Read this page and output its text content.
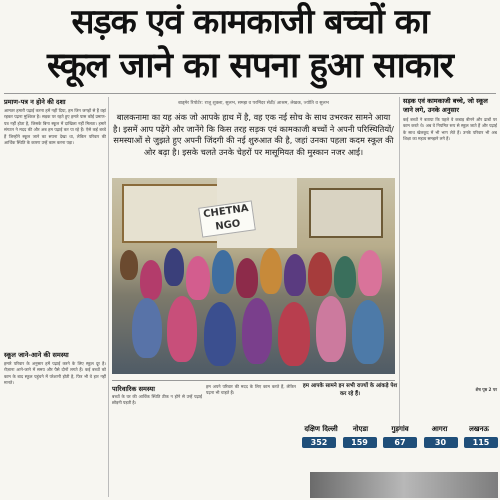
सड़क एवं कामकाजी बच्चों का
स्कूल जाने का सपना हुआ साकार
प्रमाण-पत्र न होने की दशा
आमतर हमारी पढ़ाई करना हमें नहीं दिया, हम जिन जगहों से हैं वहां रहकर पढ़ना मुश्किल है। सड़क पर रहते हुए हमारे पास कोई प्रमाण-पत्र नहीं होता है, जिसके बिना स्कूल में दाखिला नहीं मिलता। हमारे संगठन ने मदद की और अब हम पढ़ाई कर पा रहे हैं। ऐसे कई बच्चे हैं जिन्होंने स्कूल जाने का सपना देखा था, लेकिन परिवार की आर्थिक स्थिति के कारण उन्हें काम करना पड़ा।
स्कूल जाने-आने की समस्या
हमारे परिवार के अनुसार हमें पढ़ाई करने के लिए स्कूल दूर है। रोज़ाना आने-जाने में समय और पैसे दोनों लगते हैं। कई बच्चों को काम के बाद स्कूल पहुंचने में परेशानी होती है, फिर भी वे हार नहीं मानते।
बाड्मेर रिपोर्टर: राजू शुक्ला, सुलभ, समझ व परमिंदर सेठी/ आश्रम, लेखक, ज्योति व सुलभ
बालकनामा का यह अंक जो आपके हाथ में है, वह एक नई सोच के साथ उभरकर सामने आया है। इसमें आप पढ़ेंगे और जानेंगे कि किस तरह सड़क एवं कामकाजी बच्चों ने अपनी परिस्थितियों/समस्याओं से जुझते हुए अपनी जिंदगी की नई शुरुआत की है, जहां उनका पहला कदम स्कूल की ओर बढ़ा है। इसके चलते उनके चेहरों पर मासूमियत की मुस्कान नजर आई।
CHETNA NGO
सड़क एवं कामकाजी बच्चे, जो स्कूल जाने लगे, उनके अनुसार
कई बच्चों ने बताया कि पहले वे कबाड़ बीनने और ढाबों पर काम करते थे। अब वे नियमित रूप से स्कूल जाते हैं और पढ़ाई के साथ खेलकूद में भी भाग लेते हैं। उनके परिवार भी अब शिक्षा का महत्व समझने लगे हैं।
शेष पृष्ठ 2 पर
पारिवारिक समस्या
बच्चों के घर की आर्थिक स्थिति ठीक न होने से उन्हें पढ़ाई छोड़नी पड़ती है।
हम अपने परिवार की मदद के लिए काम करते हैं, लेकिन पढ़ना भी चाहते हैं।
हम आपके सामने इन सभी राज्यों के आंकड़े पेश कर रहे हैं।
दक्षिण दिल्ली	नोएडा	गुड़गांव	आगरा	लखनऊ
352	159	67	30	115
